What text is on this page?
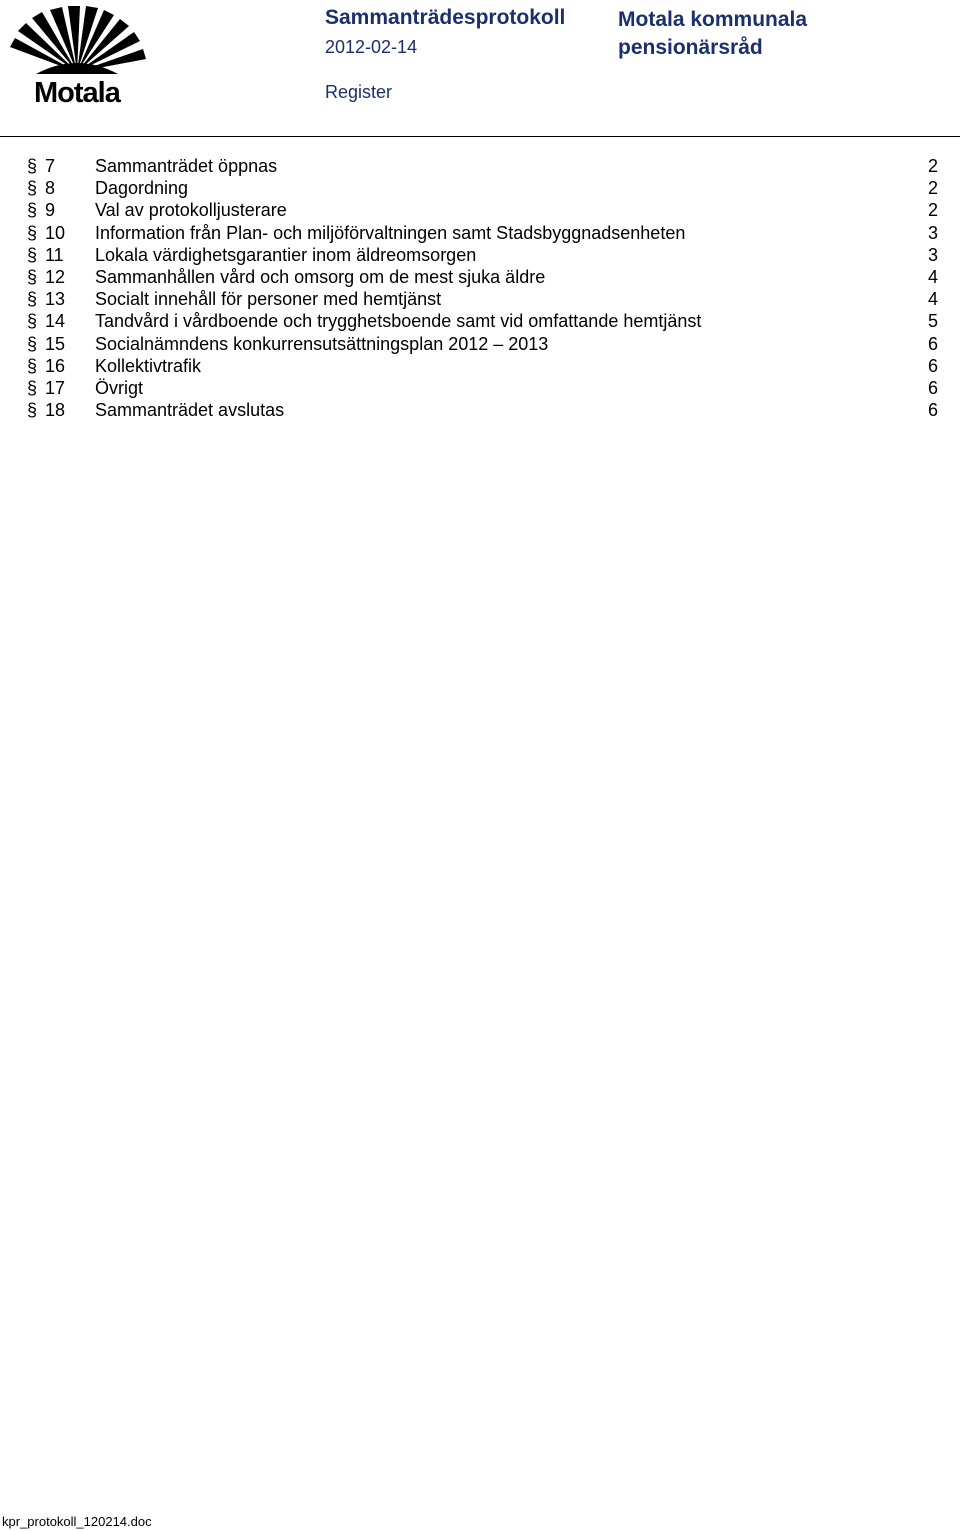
Motala
Sammanträdesprotokoll
2012-02-14
Register
Motala kommunala pensionärsråd
§ 7 Sammanträdet öppnas	2
§ 8 Dagordning	2
§ 9 Val av protokolljusterare	2
§ 10 Information från Plan- och miljöförvaltningen samt Stadsbyggnadsenheten	3
§ 11 Lokala värdighetsgarantier inom äldreomsorgen	3
§ 12 Sammanhållen vård och omsorg om de mest sjuka äldre	4
§ 13 Socialt innehåll för personer med hemtjänst	4
§ 14 Tandvård i vårdboende och trygghetsboende samt vid omfattande hemtjänst	5
§ 15 Socialnämndens konkurrensutsättningsplan 2012 – 2013	6
§ 16 Kollektivtrafik	6
§ 17 Övrigt	6
§ 18 Sammanträdet avslutas	6
kpr_protokoll_120214.doc
